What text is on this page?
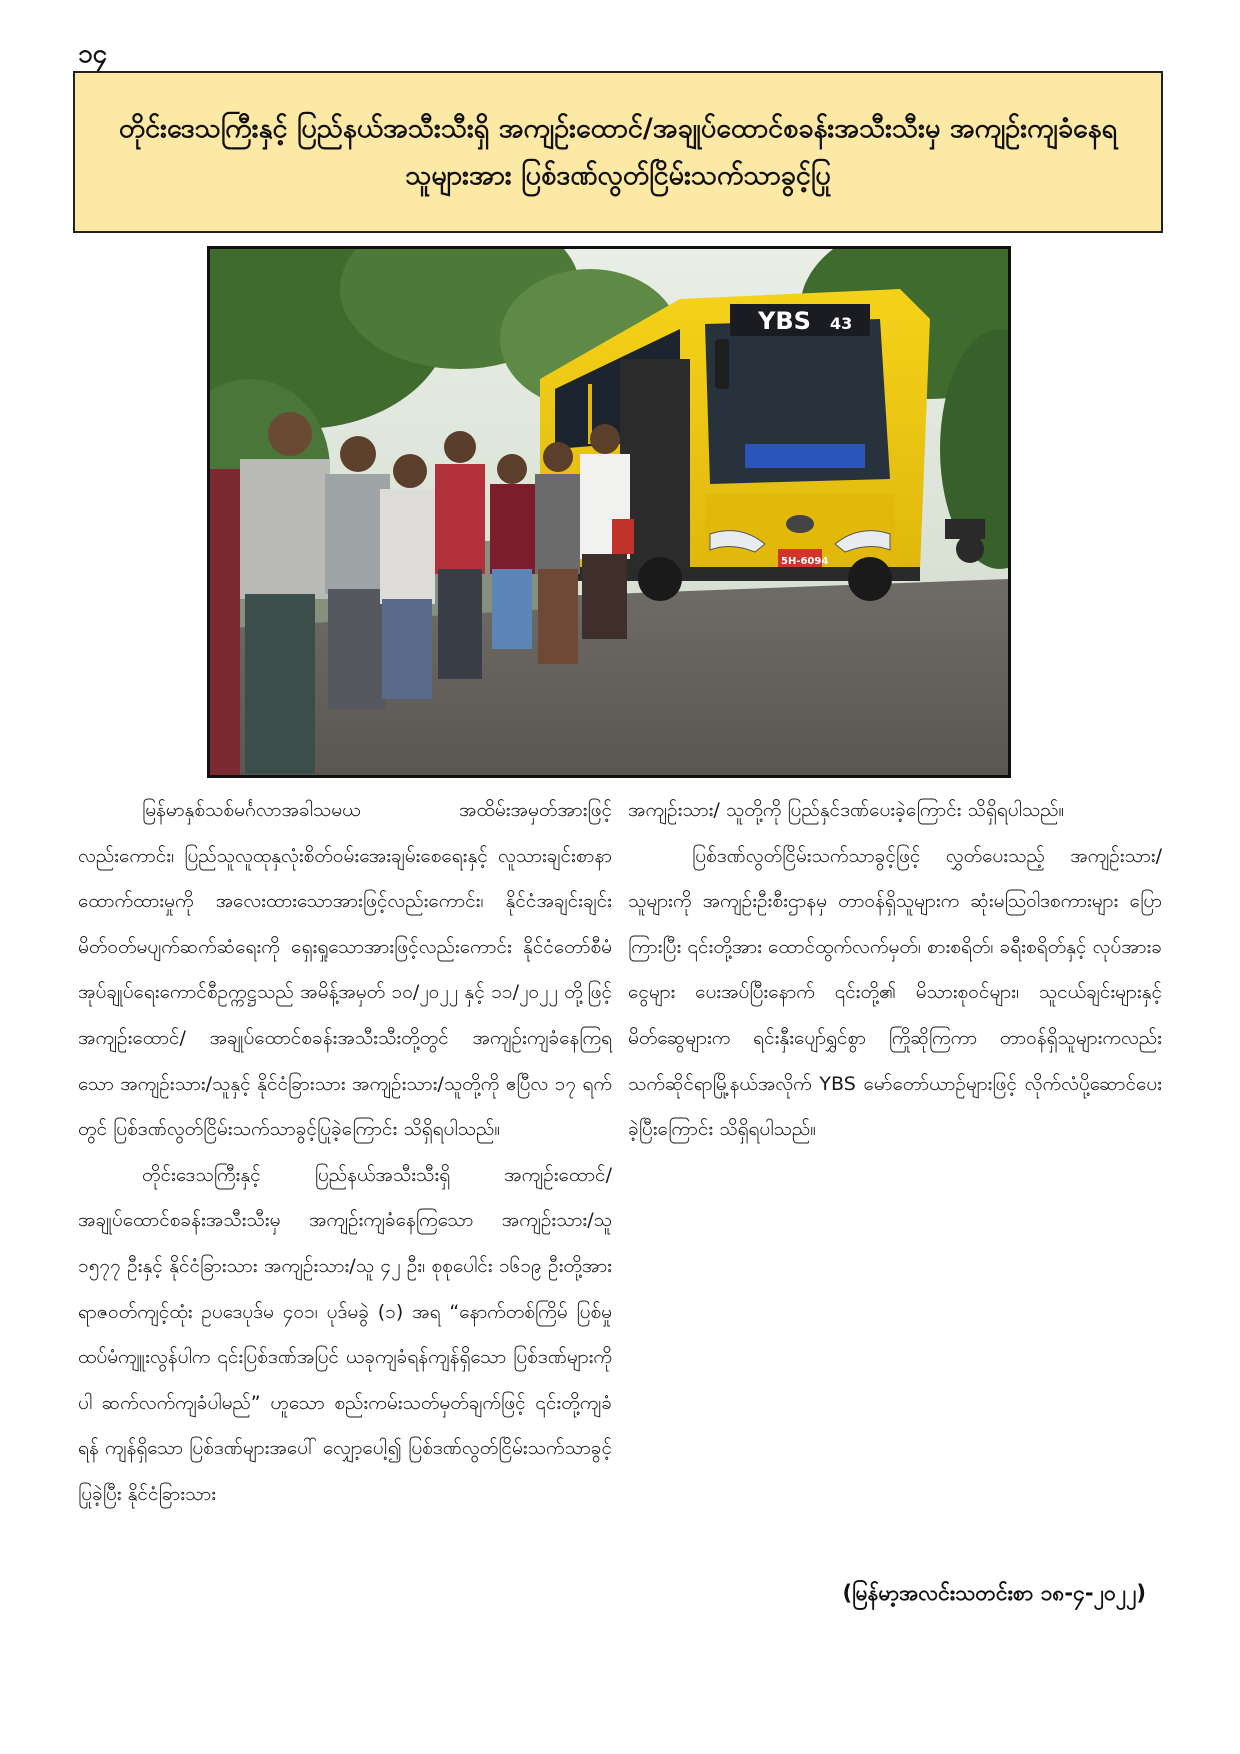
၁၄
တိုင်းဒေသကြီးနှင့် ပြည်နယ်အသီးသီးရှိ အကျဉ်းထောင်/အချုပ်ထောင်စခန်းအသီးသီးမှ အကျဉ်းကျခံနေရသူများအား ပြစ်ဒဏ်လွတ်ငြိမ်းသက်သာခွင့်ပြု
YBS 43
5H-6094

မြန်မာနှစ်သစ်မင်္ဂလာအခါသမယ အထိမ်းအမှတ်အားဖြင့်လည်းကောင်း၊ ပြည်သူလူထုနှလုံးစိတ်ဝမ်းအေးချမ်းစေရေးနှင့် လူသားချင်းစာနာထောက်ထားမှုကို အလေးထားသောအားဖြင့်လည်းကောင်း၊ နိုင်ငံအချင်းချင်း မိတ်ဝတ်မပျက်ဆက်ဆံရေးကို ရှေးရှုသောအားဖြင့်လည်းကောင်း နိုင်ငံတော်စီမံအုပ်ချုပ်ရေးကောင်စီဥက္ကဋ္ဌသည် အမိန့်အမှတ် ၁၀/၂၀၂၂ နှင့် ၁၁/၂၀၂၂ တို့ဖြင့် အကျဉ်းထောင်/ အချုပ်ထောင်စခန်းအသီးသီးတို့တွင် အကျဉ်းကျခံနေကြရသော အကျဉ်းသား/သူနှင့် နိုင်ငံခြားသား အကျဉ်းသား/သူတို့ကို ဧပြီလ ၁၇ ရက်တွင် ပြစ်ဒဏ်လွတ်ငြိမ်းသက်သာခွင့်ပြုခဲ့ကြောင်း သိရှိရပါသည်။

တိုင်းဒေသကြီးနှင့် ပြည်နယ်အသီးသီးရှိ အကျဉ်းထောင်/ အချုပ်ထောင်စခန်းအသီးသီးမှ အကျဉ်းကျခံနေကြသော အကျဉ်းသား/သူ ၁၅၇၇ ဦးနှင့် နိုင်ငံခြားသား အကျဉ်းသား/သူ ၄၂ ဦး၊ စုစုပေါင်း ၁၆၁၉ ဦးတို့အား ရာဇဝတ်ကျင့်ထုံး ဥပဒေပုဒ်မ ၄၀၁၊ ပုဒ်မခွဲ (၁) အရ “နောက်တစ်ကြိမ် ပြစ်မှုထပ်မံကျူးလွန်ပါက ၎င်းပြစ်ဒဏ်အပြင် ယခုကျခံရန်ကျန်ရှိသော ပြစ်ဒဏ်များကိုပါ ဆက်လက်ကျခံပါမည်” ဟူသော စည်းကမ်းသတ်မှတ်ချက်ဖြင့် ၎င်းတို့ကျခံရန် ကျန်ရှိသော ပြစ်ဒဏ်များအပေါ် လျှော့ပေါ့၍ ပြစ်ဒဏ်လွတ်ငြိမ်းသက်သာခွင့်ပြုခဲ့ပြီး နိုင်ငံခြားသား

အကျဉ်းသား/ သူတို့ကို ပြည်နှင်ဒဏ်ပေးခဲ့ကြောင်း သိရှိရပါသည်။

ပြစ်ဒဏ်လွတ်ငြိမ်းသက်သာခွင့်ဖြင့် လွှတ်ပေးသည့် အကျဉ်းသား/သူများကို အကျဉ်းဦးစီးဌာနမှ တာဝန်ရှိသူများက ဆုံးမသြဝါဒစကားများ ပြောကြားပြီး ၎င်းတို့အား ထောင်ထွက်လက်မှတ်၊ စားစရိတ်၊ ခရီးစရိတ်နှင့် လုပ်အားခငွေများ ပေးအပ်ပြီးနောက် ၎င်းတို့၏ မိသားစုဝင်များ၊ သူငယ်ချင်းများနှင့်မိတ်ဆွေများက ရင်းနှီးပျော်ရွှင်စွာ ကြိုဆိုကြကာ တာဝန်ရှိသူများကလည်း သက်ဆိုင်ရာမြို့နယ်အလိုက် YBS မော်တော်ယာဉ်များဖြင့် လိုက်လံပို့ဆောင်ပေးခဲ့ပြီးကြောင်း သိရှိရပါသည်။

(မြန်မာ့အလင်းသတင်းစာ ၁၈-၄-၂၀၂၂)
